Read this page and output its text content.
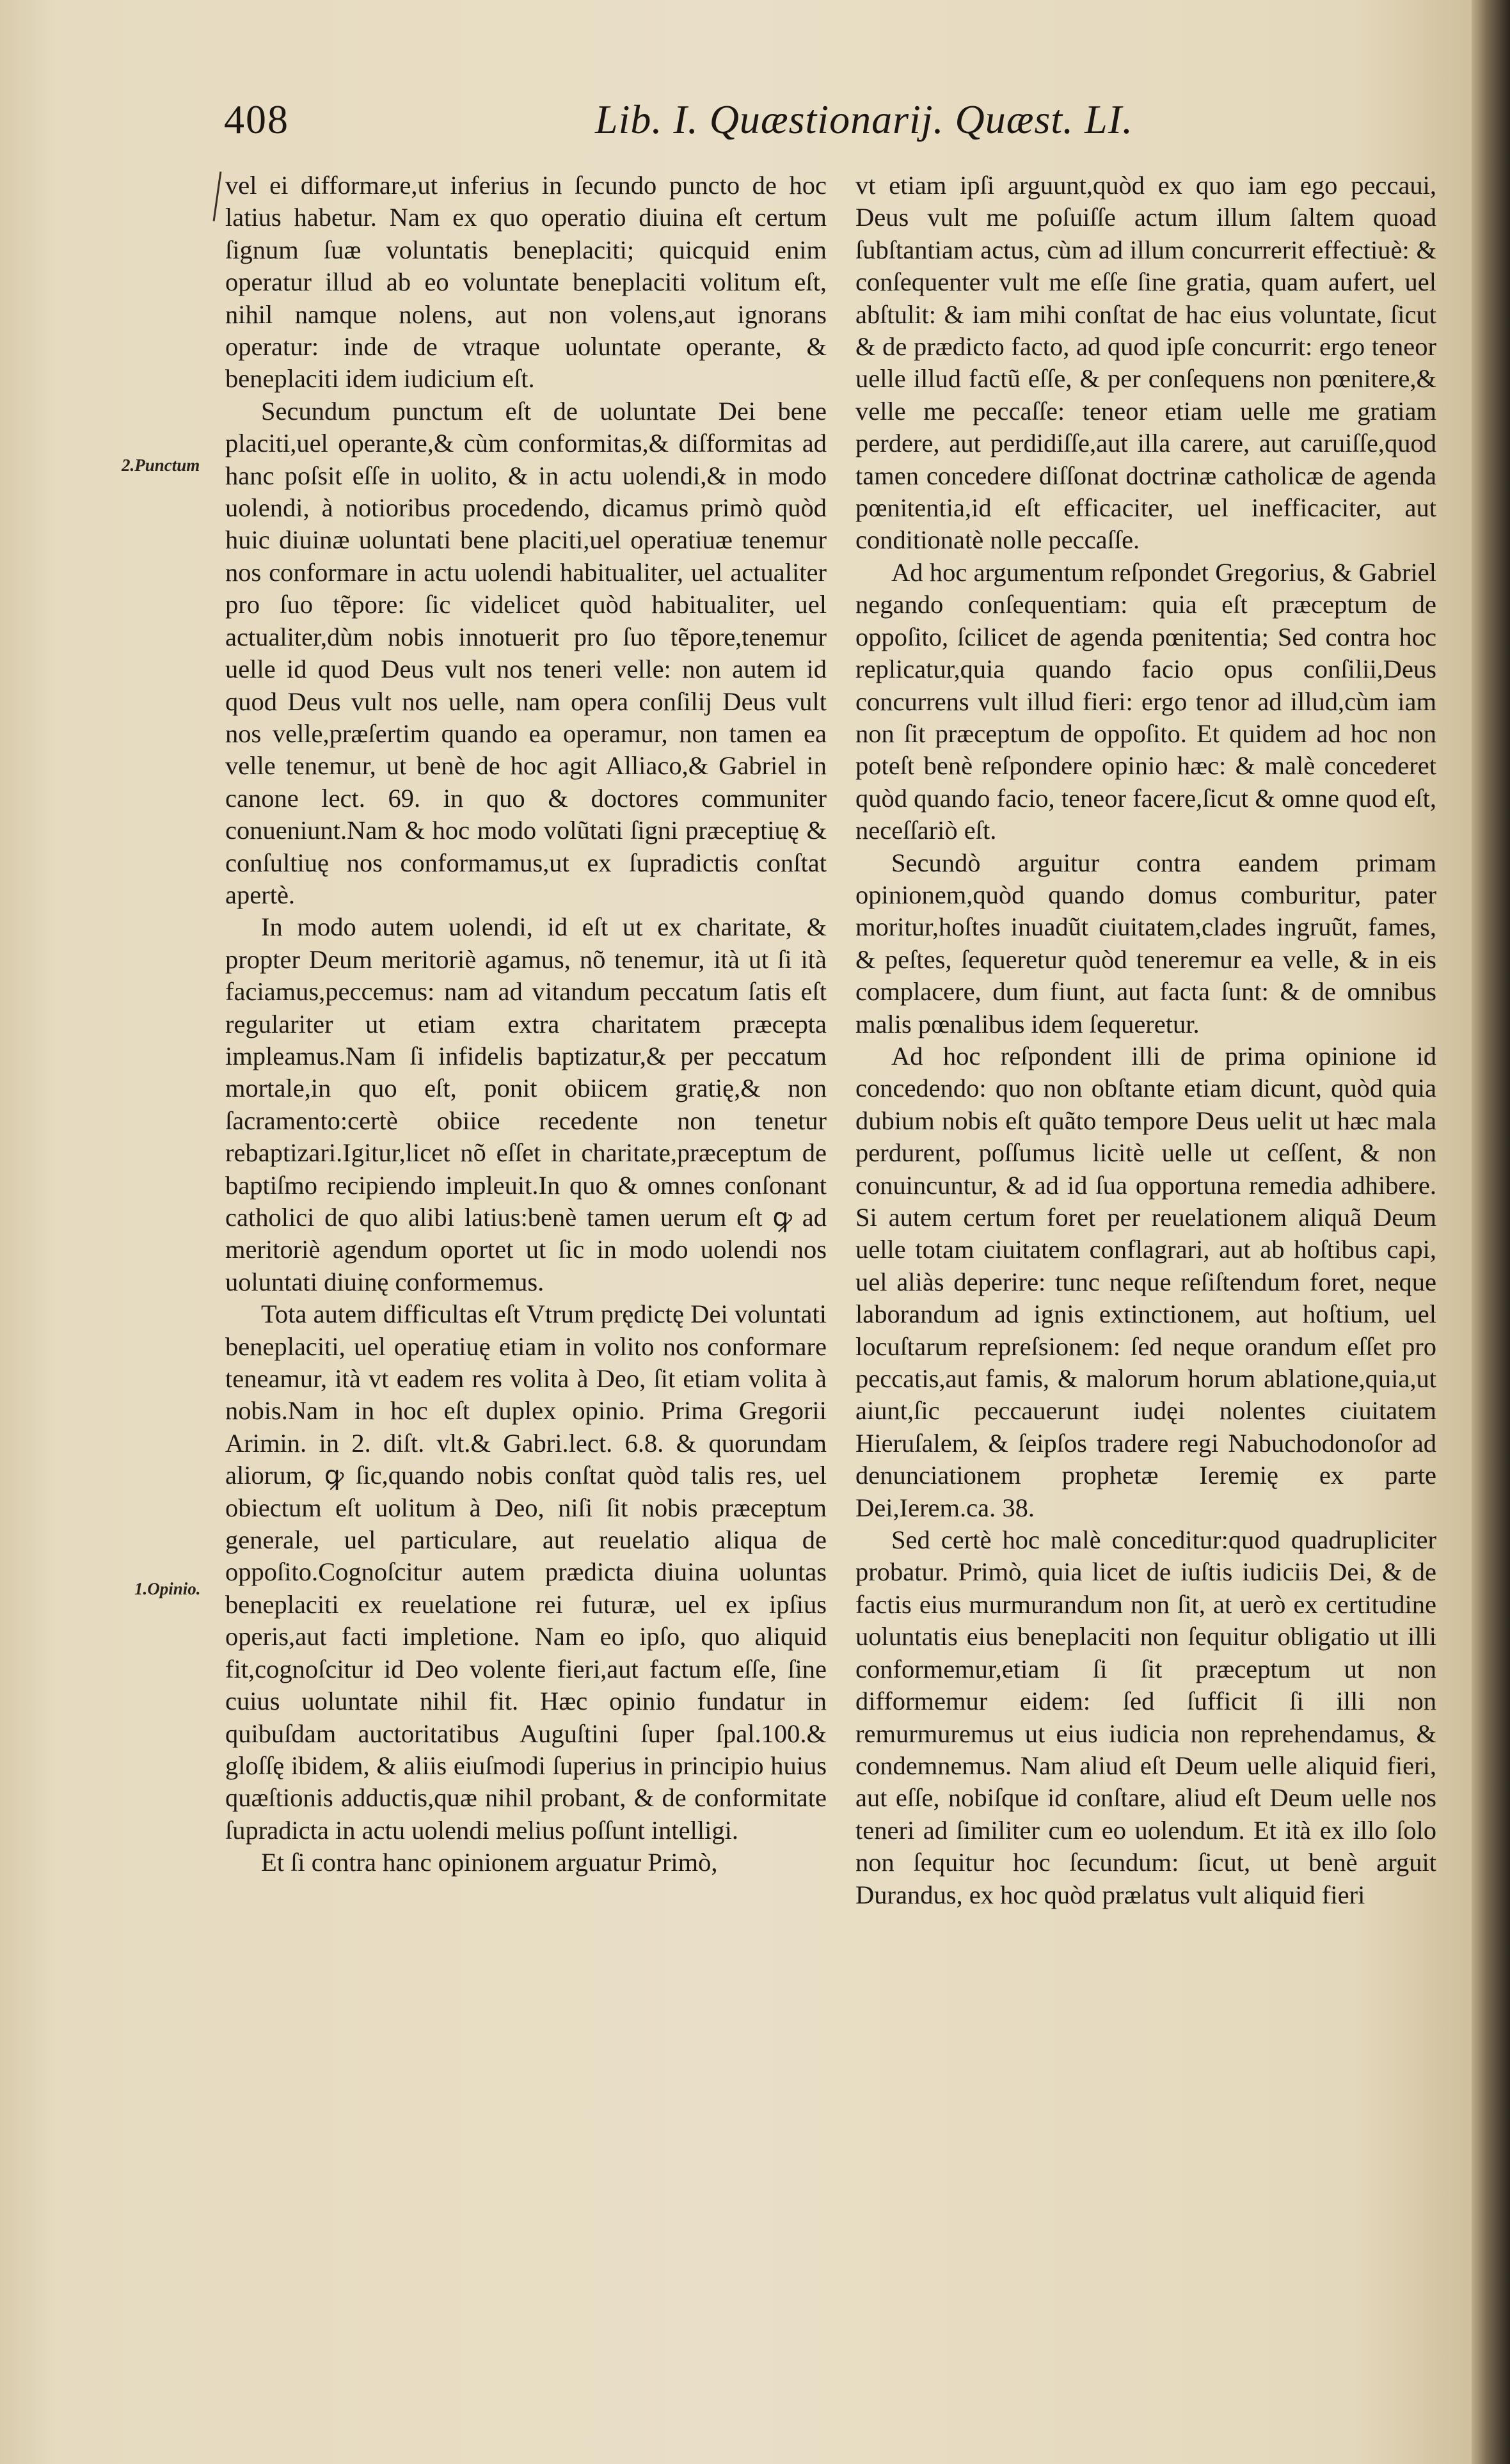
408	Lib. I. Quæstionarij. Quæst. LI.
2.Punctum
1.Opinio.

vel ei difformare,ut inferius in ſecundo puncto de hoc latius habetur. Nam ex quo operatio diuina eſt certum ſignum ſuæ voluntatis beneplaciti; quicquid enim operatur illud ab eo voluntate beneplaciti volitum eſt, nihil namque nolens, aut non volens,aut ignorans operatur: inde de vtraque uoluntate operante, & beneplaciti idem iudicium eſt.

Secundum punctum eſt de uoluntate Dei bene placiti,uel operante,& cùm conformitas,& diſformitas ad hanc poſsit eſſe in uolito, & in actu uolendi,& in modo uolendi, à notioribus procedendo, dicamus primò quòd huic diuinæ uoluntati bene placiti,uel operatiuæ tenemur nos conformare in actu uolendi habitualiter, uel actualiter pro ſuo tẽpore: ſic videlicet quòd habitualiter, uel actualiter,dùm nobis innotuerit pro ſuo tẽpore,tenemur uelle id quod Deus vult nos teneri velle: non autem id quod Deus vult nos uelle, nam opera conſilij Deus vult nos velle,præſertim quando ea operamur, non tamen ea velle tenemur, ut benè de hoc agit Alliaco,& Gabriel in canone lect. 69. in quo & doctores communiter conueniunt.Nam & hoc modo volũtati ſigni præceptiuę & conſultiuę nos conformamus,ut ex ſupradictis conſtat apertè.

In modo autem uolendi, id eſt ut ex charitate, & propter Deum meritoriè agamus, nõ tenemur, ità ut ſi ità faciamus,peccemus: nam ad vitandum peccatum ſatis eſt regulariter ut etiam extra charitatem præcepta impleamus.Nam ſi infidelis baptizatur,& per peccatum mortale,in quo eſt, ponit obiicem gratię,& non ſacramento:certè obiice recedente non tenetur rebaptizari.Igitur,licet nõ eſſet in charitate,præceptum de baptiſmo recipiendo impleuit.In quo & omnes conſonant catholici de quo alibi latius:benè tamen uerum eſt ꝙ ad meritoriè agendum oportet ut ſic in modo uolendi nos uoluntati diuinę conformemus.

Tota autem difficultas eſt Vtrum prędictę Dei voluntati beneplaciti, uel operatiuę etiam in volito nos conformare teneamur, ità vt eadem res volita à Deo, ſit etiam volita à nobis.Nam in hoc eſt duplex opinio. Prima Gregorii Arimin. in 2. diſt. vlt.& Gabri.lect. 6.8. & quorundam aliorum, ꝙ ſic,quando nobis conſtat quòd talis res, uel obiectum eſt uolitum à Deo, niſi ſit nobis præceptum generale, uel particulare, aut reuelatio aliqua de oppoſito.Cognoſcitur autem prædicta diuina uoluntas beneplaciti ex reuelatione rei futuræ, uel ex ipſius operis,aut facti impletione. Nam eo ipſo, quo aliquid fit,cognoſcitur id Deo volente fieri,aut factum eſſe, ſine cuius uoluntate nihil fit. Hæc opinio fundatur in quibuſdam auctoritatibus Auguſtini ſuper ſpal.100.& gloſſę ibidem, & aliis eiuſmodi ſuperius in principio huius quæſtionis adductis,quæ nihil probant, & de conformitate ſupradicta in actu uolendi melius poſſunt intelligi.

Et ſi contra hanc opinionem arguatur Primò,

vt etiam ipſi arguunt,quòd ex quo iam ego peccaui, Deus vult me poſuiſſe actum illum ſaltem quoad ſubſtantiam actus, cùm ad illum concurrerit effectiuè: & conſequenter vult me eſſe ſine gratia, quam aufert, uel abſtulit: & iam mihi conſtat de hac eius voluntate, ſicut & de prædicto facto, ad quod ipſe concurrit: ergo teneor uelle illud factũ eſſe, & per conſequens non pœnitere,& velle me peccaſſe: teneor etiam uelle me gratiam perdere, aut perdidiſſe,aut illa carere, aut caruiſſe,quod tamen concedere diſſonat doctrinæ catholicæ de agenda pœnitentia,id eſt efficaciter, uel inefficaciter, aut conditionatè nolle peccaſſe.

Ad hoc argumentum reſpondet Gregorius, & Gabriel negando conſequentiam: quia eſt præceptum de oppoſito, ſcilicet de agenda pœnitentia; Sed contra hoc replicatur,quia quando facio opus conſilii,Deus concurrens vult illud fieri: ergo tenor ad illud,cùm iam non ſit præceptum de oppoſito. Et quidem ad hoc non poteſt benè reſpondere opinio hæc: & malè concederet quòd quando facio, teneor facere,ſicut & omne quod eſt, neceſſariò eſt.

Secundò arguitur contra eandem primam opinionem,quòd quando domus comburitur, pater moritur,hoſtes inuadũt ciuitatem,clades ingruũt, fames, & peſtes, ſequeretur quòd teneremur ea velle, & in eis complacere, dum fiunt, aut facta ſunt: & de omnibus malis pœnalibus idem ſequeretur.

Ad hoc reſpondent illi de prima opinione id concedendo: quo non obſtante etiam dicunt, quòd quia dubium nobis eſt quãto tempore Deus uelit ut hæc mala perdurent, poſſumus licitè uelle ut ceſſent, & non conuincuntur, & ad id ſua opportuna remedia adhibere. Si autem certum foret per reuelationem aliquã Deum uelle totam ciuitatem conflagrari, aut ab hoſtibus capi, uel aliàs deperire: tunc neque reſiſtendum foret, neque laborandum ad ignis extinctionem, aut hoſtium, uel locuſtarum repreſsionem: ſed neque orandum eſſet pro peccatis,aut famis, & malorum horum ablatione,quia,ut aiunt,ſic peccauerunt iudęi nolentes ciuitatem Hieruſalem, & ſeipſos tradere regi Nabuchodonoſor ad denunciationem prophetæ Ieremię ex parte Dei,Ierem.ca. 38.

Sed certè hoc malè conceditur:quod quadrupliciter probatur. Primò, quia licet de iuſtis iudiciis Dei, & de factis eius murmurandum non ſit, at uerò ex certitudine uoluntatis eius beneplaciti non ſequitur obligatio ut illi conformemur,etiam ſi ſit præceptum ut non difformemur eidem: ſed ſufficit ſi illi non remurmuremus ut eius iudicia non reprehendamus, & condemnemus. Nam aliud eſt Deum uelle aliquid fieri, aut eſſe, nobiſque id conſtare, aliud eſt Deum uelle nos teneri ad ſimiliter cum eo uolendum. Et ità ex illo ſolo non ſequitur hoc ſecundum: ſicut, ut benè arguit Durandus, ex hoc quòd prælatus vult aliquid fieri
